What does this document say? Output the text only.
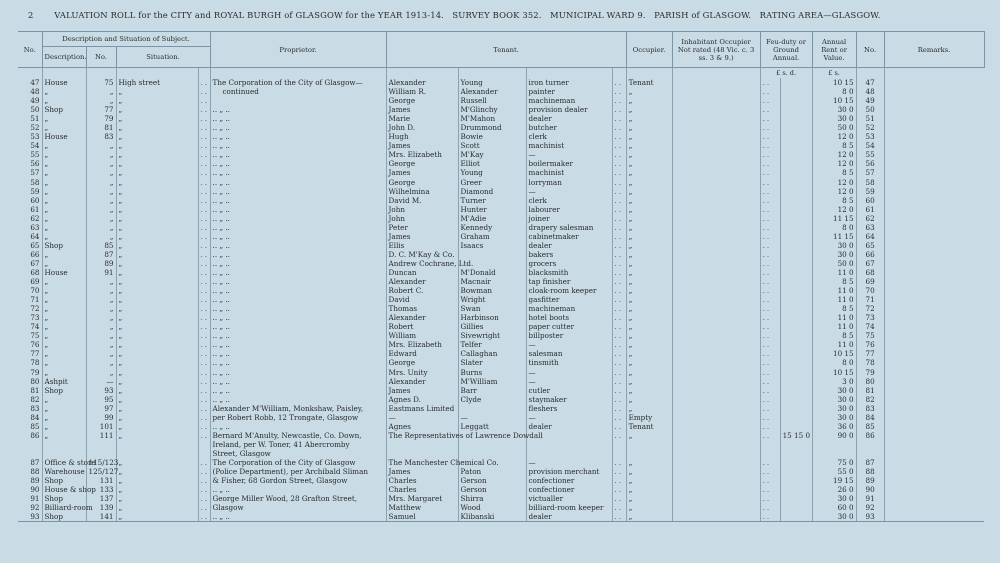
2 VALUATION ROLL for the CITY and ROYAL BURGH of GLASGOW for the YEAR 1913-14. SURVEY BOOK 352. MUNICIPAL WARD 9. PARISH of GLASGOW. RATING AREA—GLASGOW.
No.	Description and Situation of Subject.				Proprietor.	Tenant.				Occupier.	Inhabitant Occupier Not rated (48 Vic. c. 3 ss. 3 & 9.)	Feu-duty or Ground Annual.		Annual Rent or Value.	No.	Remarks.
	Description.	No.	Situation.													
												£ s. d.		£ s.		
47	House	75	High street	..	The Corporation of the City of Glasgow—	Alexander	Young	iron turner	..	Tenant		..		10 15	47	
48	„	„	„	..	continued	William R.	Alexander	painter	..	„		..		8 0	48	
49	„	„	„	..		George	Russell	machineman	..	„		..		10 15	49	
50	Shop	77	„	..	.. „ ..	James	M'Glinchy	provision dealer	..	„		..		30 0	50	
51	„	79	„	..	.. „ ..	Marie	M'Mahon	dealer	..	„		..		30 0	51	
52	„	81	„	..	.. „ ..	John D.	Drummond	butcher	..	„		..		50 0	52	
53	House	83	„	..	.. „ ..	Hugh	Bowie	clerk	..	„		..		12 0	53	
54	„	„	„	..	.. „ ..	James	Scott	machinist	..	„		..		8 5	54	
55	„	„	„	..	.. „ ..	Mrs. Elizabeth	M'Kay	—	..	„		..		12 0	55	
56	„	„	„	..	.. „ ..	George	Elliot	boilermaker	..	„		..		12 0	56	
57	„	„	„	..	.. „ ..	James	Young	machinist	..	„		..		8 5	57	
58	„	„	„	..	.. „ ..	George	Greer	lorryman	..	„		..		12 0	58	
59	„	„	„	..	.. „ ..	Wilhelmina	Diamond	—	..	„		..		12 0	59	
60	„	„	„	..	.. „ ..	David M.	Turner	clerk	..	„		..		8 5	60	
61	„	„	„	..	.. „ ..	John	Hunter	labourer	..	„		..		12 0	61	
62	„	„	„	..	.. „ ..	John	M'Adie	joiner	..	„		..		11 15	62	
63	„	„	„	..	.. „ ..	Peter	Kennedy	drapery salesman	..	„		..		8 0	63	
64	„	„	„	..	.. „ ..	James	Graham	cabinetmaker	..	„		..		11 15	64	
65	Shop	85	„	..	.. „ ..	Ellis	Isaacs	dealer	..	„		..		30 0	65	
66	„	87	„	..	.. „ ..	D. C. M'Kay & Co.		bakers	..	„		..		30 0	66	
67	„	89	„	..	.. „ ..	Andrew Cochrane, Ltd.		grocers	..	„		..		50 0	67	
68	House	91	„	..	.. „ ..	Duncan	M'Donald	blacksmith	..	„		..		11 0	68	
69	„	„	„	..	.. „ ..	Alexander	Macnair	tap finisher	..	„		..		8 5	69	
70	„	„	„	..	.. „ ..	Robert C.	Bowman	cloak-room keeper	..	„		..		11 0	70	
71	„	„	„	..	.. „ ..	David	Wright	gasfitter	..	„		..		11 0	71	
72	„	„	„	..	.. „ ..	Thomas	Swan	machineman	..	„		..		8 5	72	
73	„	„	„	..	.. „ ..	Alexander	Harbinson	hotel boots	..	„		..		11 0	73	
74	„	„	„	..	.. „ ..	Robert	Gillies	paper cutter	..	„		..		11 0	74	
75	„	„	„	..	.. „ ..	William	Sivewright	billposter	..	„		..		8 5	75	
76	„	„	„	..	.. „ ..	Mrs. Elizabeth	Telfer	—	..	„		..		11 0	76	
77	„	„	„	..	.. „ ..	Edward	Callaghan	salesman	..	„		..		10 15	77	
78	„	„	„	..	.. „ ..	George	Slater	tinsmith	..	„		..		8 0	78	
79	„	„	„	..	.. „ ..	Mrs. Unity	Burns	—	..	„		..		10 15	79	
80	Ashpit	—	„	..	.. „ ..	Alexander	M'William	—	..	„		..		3 0	80	
81	Shop	93	„	..	.. „ ..	James	Barr	cutler	..	„		..		30 0	81	
82	„	95	„	..	.. „ ..	Agnes D.	Clyde	staymaker	..	„		..		30 0	82	
83	„	97	„	..	Alexander M'William, Monkshaw, Paisley,	Eastmans Limited		fleshers	..	„		..		30 0	83	
84	„	99	„	..	per Robert Robb, 12 Trongate, Glasgow	—	—	—	..	Empty		..		30 0	84	
85	„	101	„	..	.. „ ..	Agnes	Leggatt	dealer	..	Tenant		..		36 0	85	
86	„	111	„	..	Bernard M'Anulty, Newcastle, Co. Down,	The Representatives of Lawrence Dowdall			..	„		..	15 15 0	90 0	86	
					Ireland, per W. Toner, 41 Abercromby											
					Street, Glasgow											
87	Office & store	115/123	„	..	The Corporation of the City of Glasgow	The Manchester Chemical Co.		—	..	„		..		75 0	87	
88	Warehouse	125/127	„	..	(Police Department), per Archibald Sliman	James	Paton	provision merchant	..	„		..		55 0	88	
89	Shop	131	„	..	& Fisher, 68 Gordon Street, Glasgow	Charles	Gerson	confectioner	..	„		..		19 15	89	
90	House & shop	133	„	..	.. „ ..	Charles	Gerson	confectioner	..	„		..		26 0	90	
91	Shop	137	„	..	George Miller Wood, 28 Grafton Street,	Mrs. Margaret	Shirra	victualler	..	„		..		30 0	91	
92	Billiard-room	139	„	..	Glasgow	Matthew	Wood	billiard-room keeper	..	„		..		60 0	92	
93	Shop	141	„	..	.. „ ..	Samuel	Klibanski	dealer	..	„		..		30 0	93	
